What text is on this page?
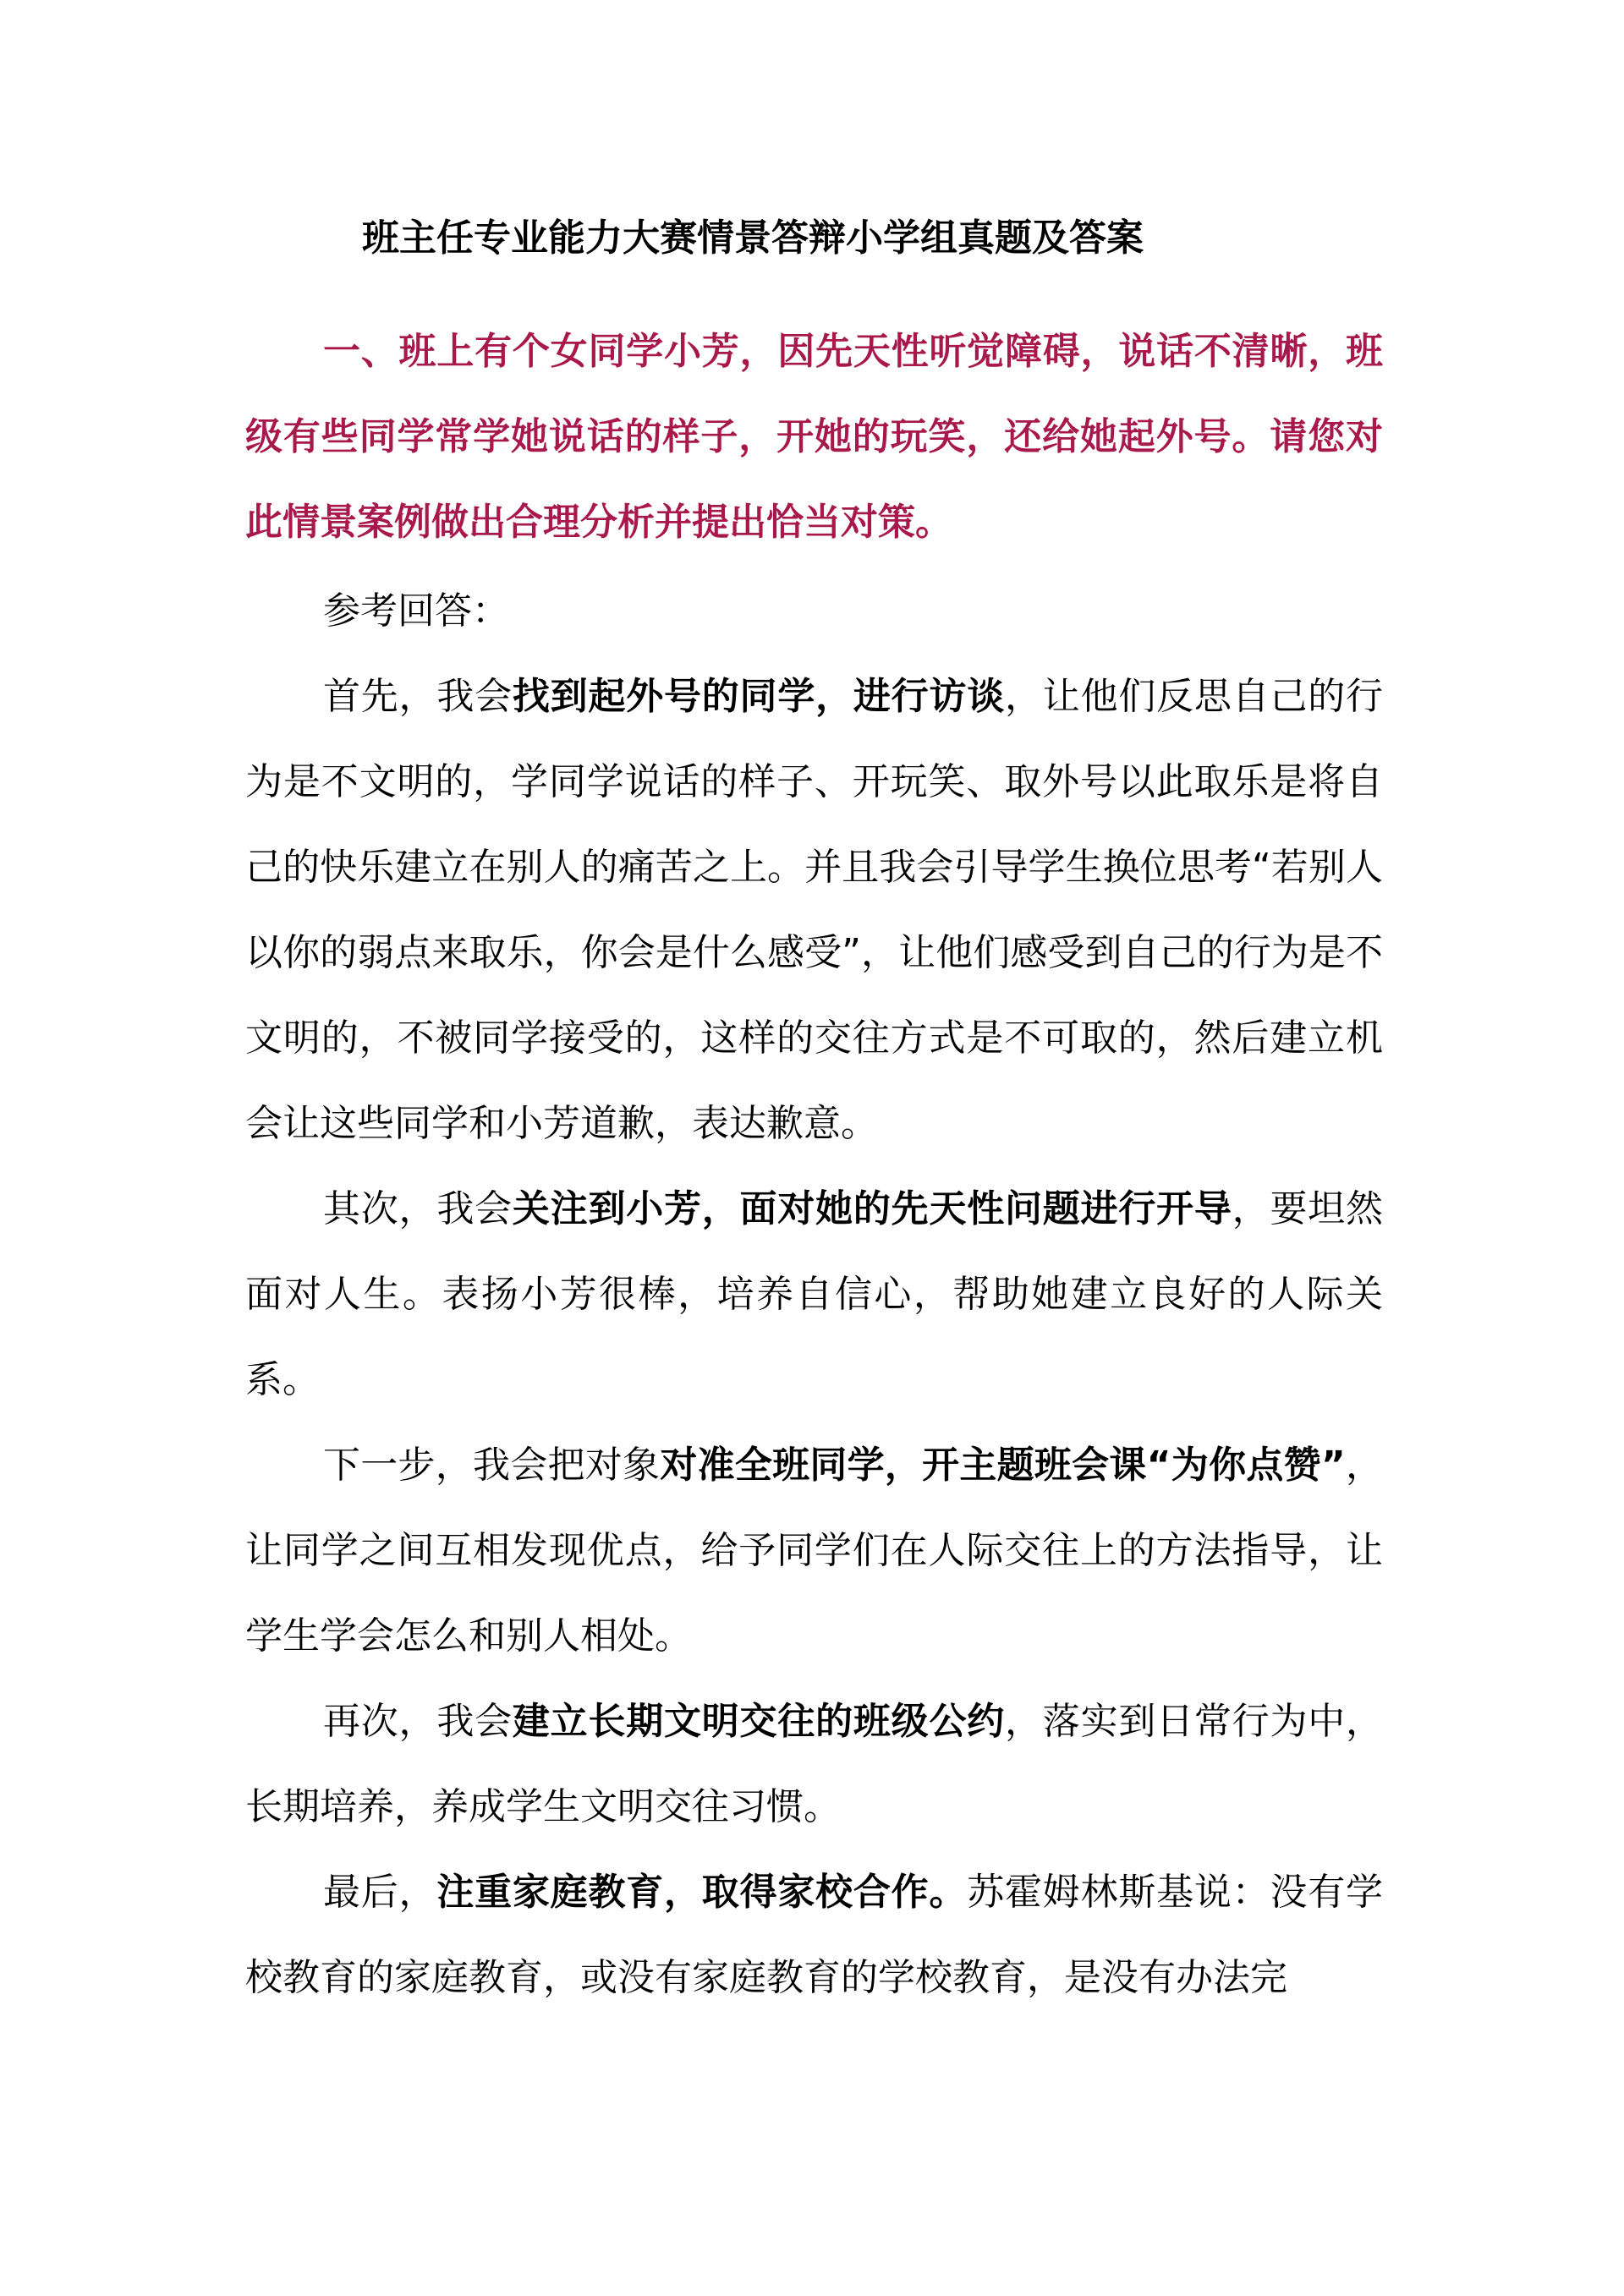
班主任专业能力大赛情景答辩小学组真题及答案

一、班上有个女同学小芳，因先天性听觉障碍，说话不清晰，班级有些同学常学她说话的样子，开她的玩笑，还给她起外号。请您对此情景案例做出合理分析并提出恰当对策。

参考回答：

首先，我会找到起外号的同学，进行访谈，让他们反思自己的行为是不文明的，学同学说话的样子、开玩笑、取外号以此取乐是将自己的快乐建立在别人的痛苦之上。并且我会引导学生换位思考“若别人以你的弱点来取乐，你会是什么感受”，让他们感受到自己的行为是不文明的，不被同学接受的，这样的交往方式是不可取的，然后建立机会让这些同学和小芳道歉，表达歉意。

其次，我会关注到小芳，面对她的先天性问题进行开导，要坦然面对人生。表扬小芳很棒，培养自信心，帮助她建立良好的人际关系。

下一步，我会把对象对准全班同学，开主题班会课“为你点赞”，让同学之间互相发现优点，给予同学们在人际交往上的方法指导，让学生学会怎么和别人相处。

再次，我会建立长期文明交往的班级公约，落实到日常行为中，长期培养，养成学生文明交往习惯。

最后，注重家庭教育，取得家校合作。苏霍姆林斯基说：没有学校教育的家庭教育，或没有家庭教育的学校教育，是没有办法完
